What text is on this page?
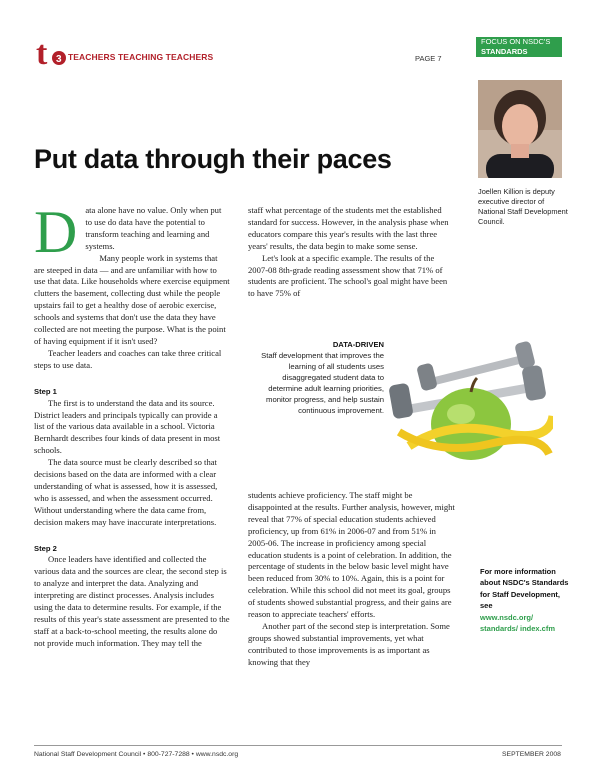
t 3 TEACHERS TEACHING TEACHERS	PAGE 7
FOCUS ON NSDC'S
STANDARDS
Joellen Killion is deputy executive director of National Staff Development Council.
Put data through their paces
D ata alone have no value. Only when put to use do data have the potential to transform teaching and learning and systems.

Many people work in systems that are steeped in data — and are unfamiliar with how to use that data. Like households where exercise equipment clutters the basement, collecting dust while the people upstairs fail to get a healthy dose of aerobic exercise, schools and systems that don't use the data they have collected are not meeting the purpose. What is the point of having equipment if it isn't used?

Teacher leaders and coaches can take three critical steps to use data.

Step 1

The first is to understand the data and its source. District leaders and principals typically can provide a list of the various data available in a school. Victoria Bernhardt describes four kinds of data present in most schools.

The data source must be clearly described so that decisions based on the data are informed with a clear understanding of what is assessed, how it is assessed, who is assessed, and when the assessment occurred. Without understanding where the data came from, decision makers may have inaccurate interpretations.

Step 2

Once leaders have identified and collected the various data and the sources are clear, the second step is to analyze and interpret the data. Analyzing and interpreting are distinct processes. Analysis includes using the data to determine results. For example, if the results of this year's state assessment are presented to the staff at a back-to-school meeting, the results alone do not provide much information. They may tell the

staff what percentage of the students met the established standard for success. However, in the analysis phase when educators compare this year's results with the last three years' results, the data begin to make some sense.

Let's look at a specific example. The results of the 2007-08 8th-grade reading assessment show that 71% of students are proficient. The school's goal might have been to have 75% of

DATA-DRIVEN
Staff development that improves the learning of all students uses disaggregated student data to determine adult learning priorities, monitor progress, and help sustain continuous improvement.

students achieve proficiency. The staff might be disappointed at the results. Further analysis, however, might reveal that 77% of special education students achieved proficiency, up from 61% in 2006-07 and from 51% in 2005-06. The increase in proficiency among special education students is a point of celebration. In addition, the percentage of students in the below basic level might have been reduced from 30% to 10%. Again, this is a point for celebration. While this school did not meet its goal, groups of students showed substantial progress, and their gains are reason to appreciate teachers' efforts.

Another part of the second step is interpretation. Some groups showed substantial improvements, yet what contributed to those improvements is as important as knowing that they

For more information about NSDC's Standards for Staff Development, see
www.nsdc.org/ standards/ index.cfm
National Staff Development Council • 800-727-7288 • www.nsdc.org	SEPTEMBER 2008
